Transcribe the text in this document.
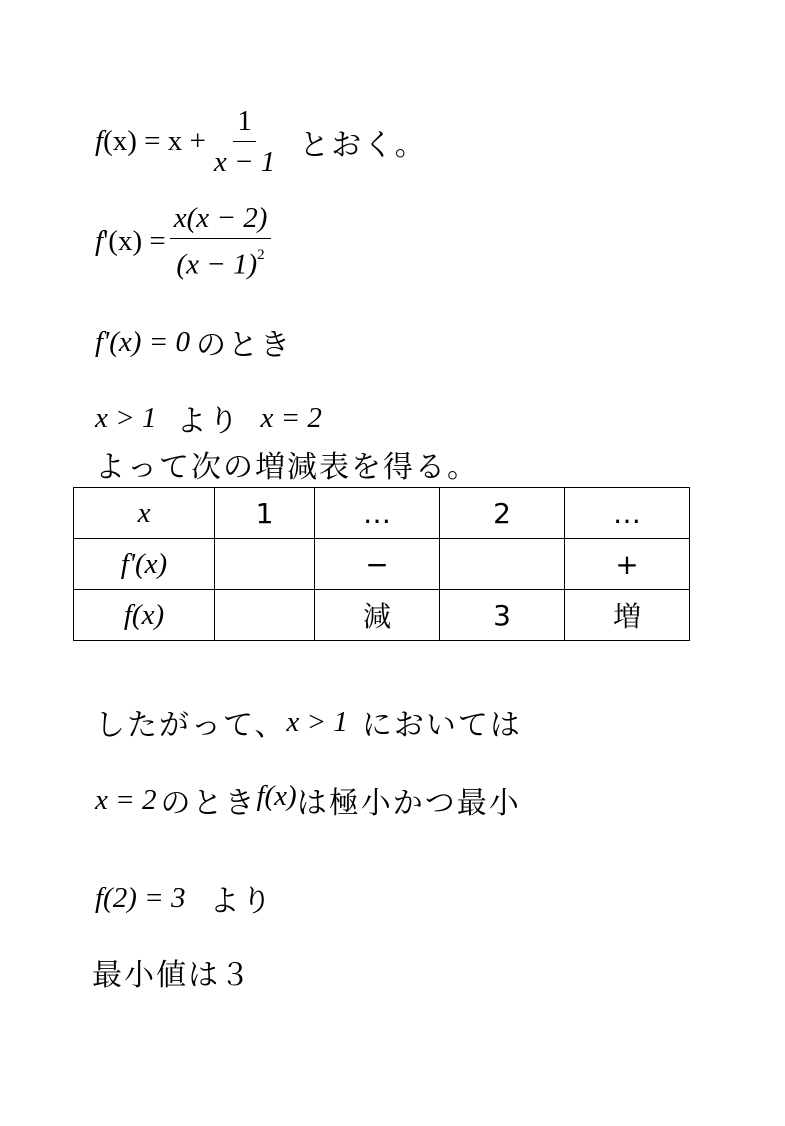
f $(x) = x + \frac{1}{x - 1}$ とおく。
f '$(x) = \frac{x(x - 2)}{(x - 1)^2}$
f'(x) = 0 のとき
x > 1 より x = 2
よって次の増減表を得る。
x	1	…	2	…
f'(x)		−		+
f(x)		減	3	増
したがって、 x > 1 においては
x = 2 のとき f(x) は極小かつ最小
f(2) = 3 より
最小値は３
